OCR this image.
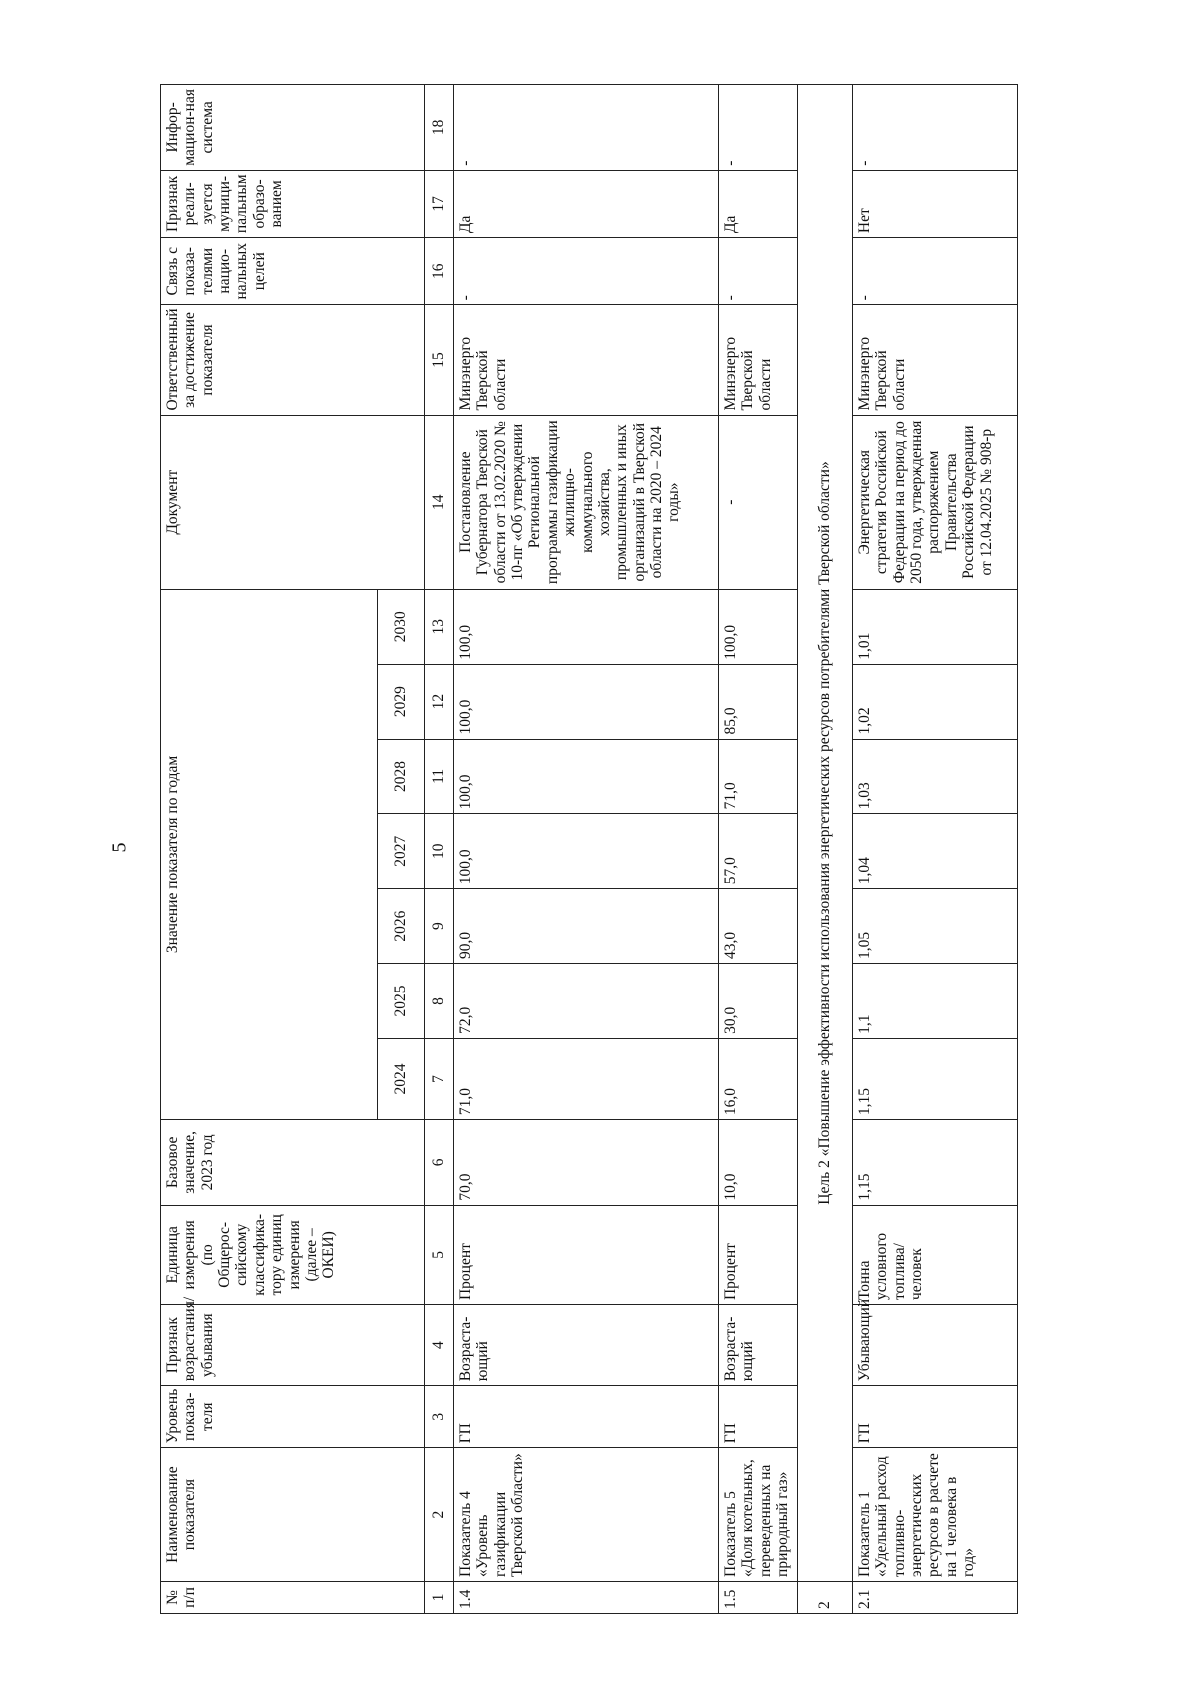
5
№ п/п	Наименование показателя	Уровень показа-теля	Признак возрастания/ убывания	Единица измерения (по Общерос-сийскому классифика-тору единиц измерения (далее – ОКЕИ)	Базовое значение, 2023 год	Значение показателя по годам							Документ	Ответственный за достижение показателя	Связь с показа-телями нацио-нальных целей	Признак реали-зуется муници-пальным образо-ванием	Инфор-мацион-ная система
						2024	2025	2026	2027	2028	2029	2030					
1	2	3	4	5	6	7	8	9	10	11	12	13	14	15	16	17	18
1.4	Показатель 4 «Уровень газификации Тверской области»	ГП	Возраста-ющий	Процент	70,0	71,0	72,0	90,0	100,0	100,0	100,0	100,0	Постановление Губернатора Тверской области от 13.02.2020 № 10-пг «Об утверждении Региональной программы газификации жилищно-коммунального хозяйства, промышленных и иных организаций в Тверской области на 2020 – 2024 годы»	Минэнерго Тверской области	-	Да	-
1.5	Показатель 5 «Доля котельных, переведенных на природный газ»	ГП	Возраста-ющий	Процент	10,0	16,0	30,0	43,0	57,0	71,0	85,0	100,0	-	Минэнерго Тверской области	-	Да	-
2	Цель 2 «Повышение эффективности использования энергетических ресурсов потребителями Тверской области»																
2.1	Показатель 1 «Удельный расход топливно-энергетических ресурсов в расчете на 1 человека в год»	ГП	Убывающий	Тонна условного топлива/ человек	1,15	1,15	1,1	1,05	1,04	1,03	1,02	1,01	Энергетическая стратегия Российской Федерации на период до 2050 года, утвержденная распоряжением Правительства Российской Федерации от 12.04.2025 № 908-р	Минэнерго Тверской области	-	Нет	-
